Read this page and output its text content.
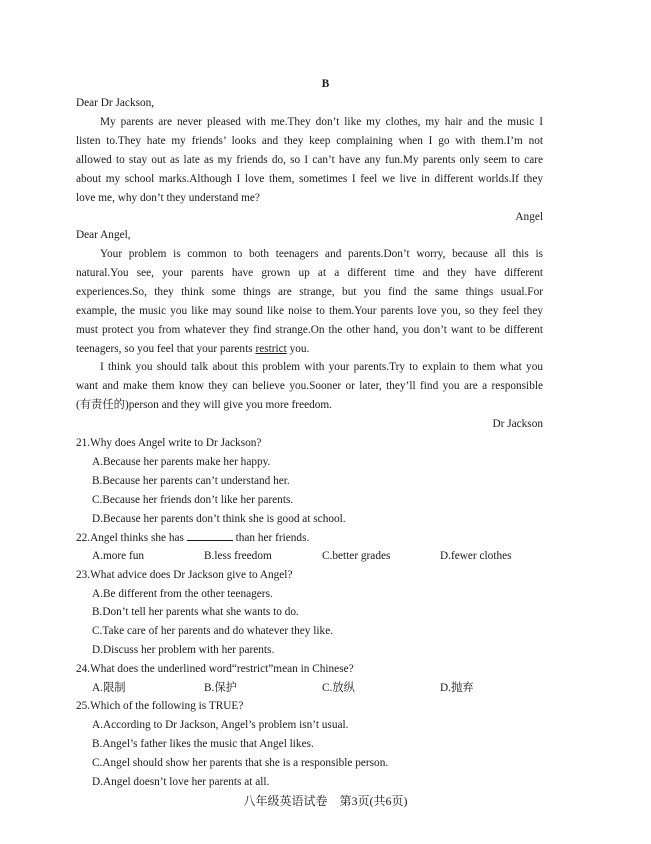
B
Dear Dr Jackson,
My parents are never pleased with me.They don’t like my clothes, my hair and the music I
listen to.They hate my friends’ looks and they keep complaining when I go with them.I’m not
allowed to stay out as late as my friends do, so I can’t have any fun.My parents only seem to care
about my school marks.Although I love them, sometimes I feel we live in different worlds.If they
love me, why don’t they understand me?
Angel
Dear Angel,
Your problem is common to both teenagers and parents.Don’t worry, because all this is
natural.You see, your parents have grown up at a different time and they have different
experiences.So, they think some things are strange, but you find the same things usual.For
example, the music you like may sound like noise to them.Your parents love you, so they feel they
must protect you from whatever they find strange.On the other hand, you don’t want to be different
teenagers, so you feel that your parents restrict you.
I think you should talk about this problem with your parents.Try to explain to them what you
want and make them know they can believe you.Sooner or later, they’ll find you are a responsible
(有责任的)person and they will give you more freedom.
Dr Jackson
21.Why does Angel write to Dr Jackson?
A.Because her parents make her happy.
B.Because her parents can’t understand her.
C.Because her friends don’t like her parents.
D.Because her parents don’t think she is good at school.
22.Angel thinks she has	than her friends.
A.more fun	B.less freedom	C.better grades	D.fewer clothes
23.What advice does Dr Jackson give to Angel?
A.Be different from the other teenagers.
B.Don’t tell her parents what she wants to do.
C.Take care of her parents and do whatever they like.
D.Discuss her problem with her parents.
24.What does the underlined word“restrict”mean in Chinese?
A.限制	B.保护	C.放纵	D.抛弃
25.Which of the following is TRUE?
A.According to Dr Jackson, Angel’s problem isn’t usual.
B.Angel’s father likes the music that Angel likes.
C.Angel should show her parents that she is a responsible person.
D.Angel doesn’t love her parents at all.
八年级英语试卷　第3页(共6页)
